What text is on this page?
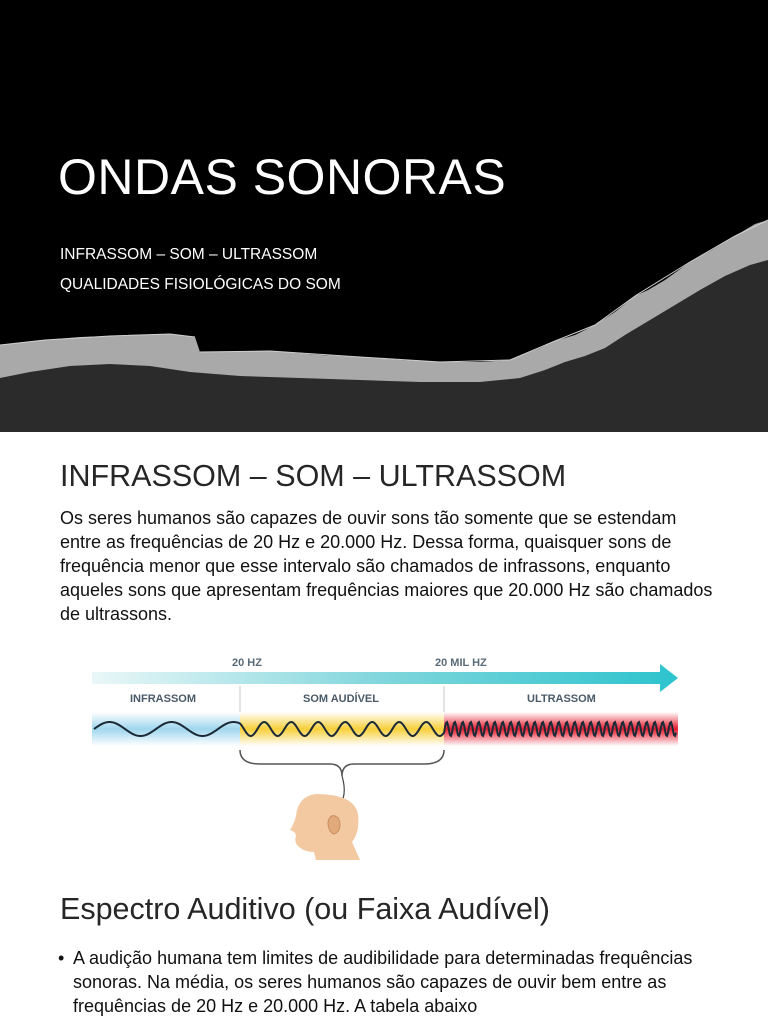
ONDAS SONORAS
INFRASSOM – SOM – ULTRASSOM
QUALIDADES FISIOLÓGICAS DO SOM
INFRASSOM – SOM – ULTRASSOM

Os seres humanos são capazes de ouvir sons tão somente que se estendam entre as frequências de 20 Hz e 20.000 Hz. Dessa forma, quaisquer sons de frequência menor que esse intervalo são chamados de infrassons, enquanto aqueles sons que apresentam frequências maiores que 20.000 Hz são chamados de ultrassons.

20 HZ	20 MIL HZ
INFRASSOM	SOM AUDÍVEL	ULTRASSOM
Espectro Auditivo (ou Faixa Audível)

• A audição humana tem limites de audibilidade para determinadas frequências sonoras. Na média, os seres humanos são capazes de ouvir bem entre as frequências de 20 Hz e 20.000 Hz. A tabela abaixo
